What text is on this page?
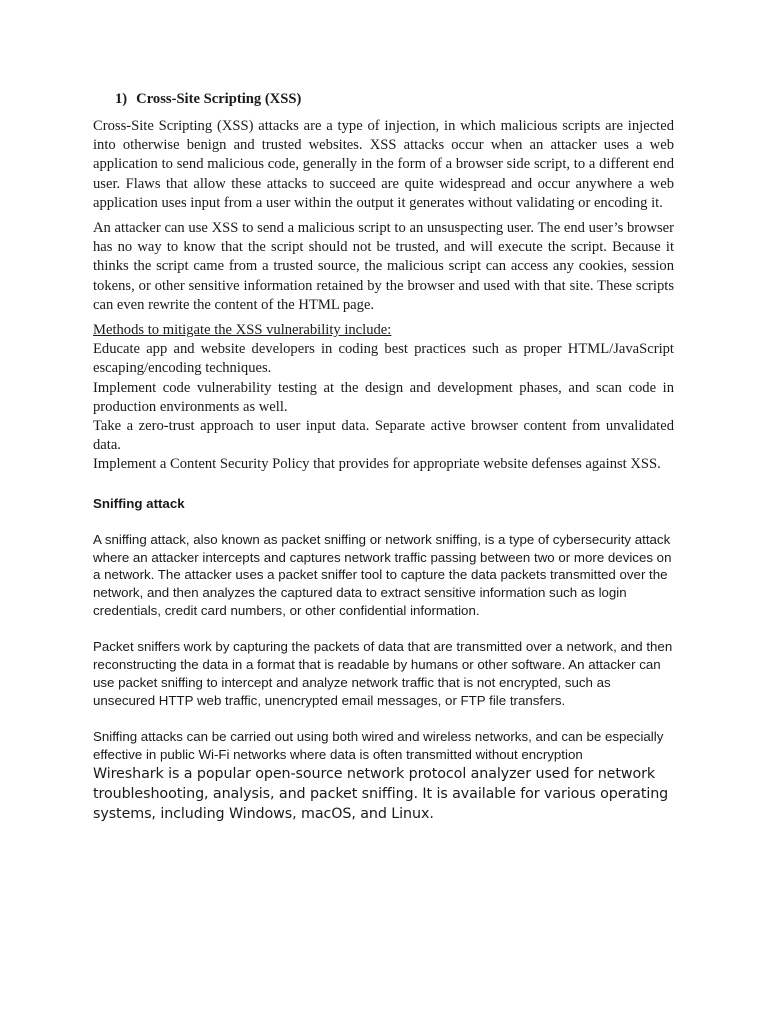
1) Cross-Site Scripting (XSS)

Cross-Site Scripting (XSS) attacks are a type of injection, in which malicious scripts are injected into otherwise benign and trusted websites. XSS attacks occur when an attacker uses a web application to send malicious code, generally in the form of a browser side script, to a different end user. Flaws that allow these attacks to succeed are quite widespread and occur anywhere a web application uses input from a user within the output it generates without validating or encoding it.

An attacker can use XSS to send a malicious script to an unsuspecting user. The end user’s browser has no way to know that the script should not be trusted, and will execute the script. Because it thinks the script came from a trusted source, the malicious script can access any cookies, session tokens, or other sensitive information retained by the browser and used with that site. These scripts can even rewrite the content of the HTML page.

Methods to mitigate the XSS vulnerability include:

Educate app and website developers in coding best practices such as proper HTML/JavaScript escaping/encoding techniques.

Implement code vulnerability testing at the design and development phases, and scan code in production environments as well.

Take a zero-trust approach to user input data. Separate active browser content from unvalidated data.

Implement a Content Security Policy that provides for appropriate website defenses against XSS.

Sniffing attack

A sniffing attack, also known as packet sniffing or network sniffing, is a type of cybersecurity attack where an attacker intercepts and captures network traffic passing between two or more devices on a network. The attacker uses a packet sniffer tool to capture the data packets transmitted over the network, and then analyzes the captured data to extract sensitive information such as login credentials, credit card numbers, or other confidential information.

Packet sniffers work by capturing the packets of data that are transmitted over a network, and then reconstructing the data in a format that is readable by humans or other software. An attacker can use packet sniffing to intercept and analyze network traffic that is not encrypted, such as unsecured HTTP web traffic, unencrypted email messages, or FTP file transfers.

Sniffing attacks can be carried out using both wired and wireless networks, and can be especially effective in public Wi-Fi networks where data is often transmitted without encryption

Wireshark is a popular open-source network protocol analyzer used for network troubleshooting, analysis, and packet sniffing. It is available for various operating systems, including Windows, macOS, and Linux.
